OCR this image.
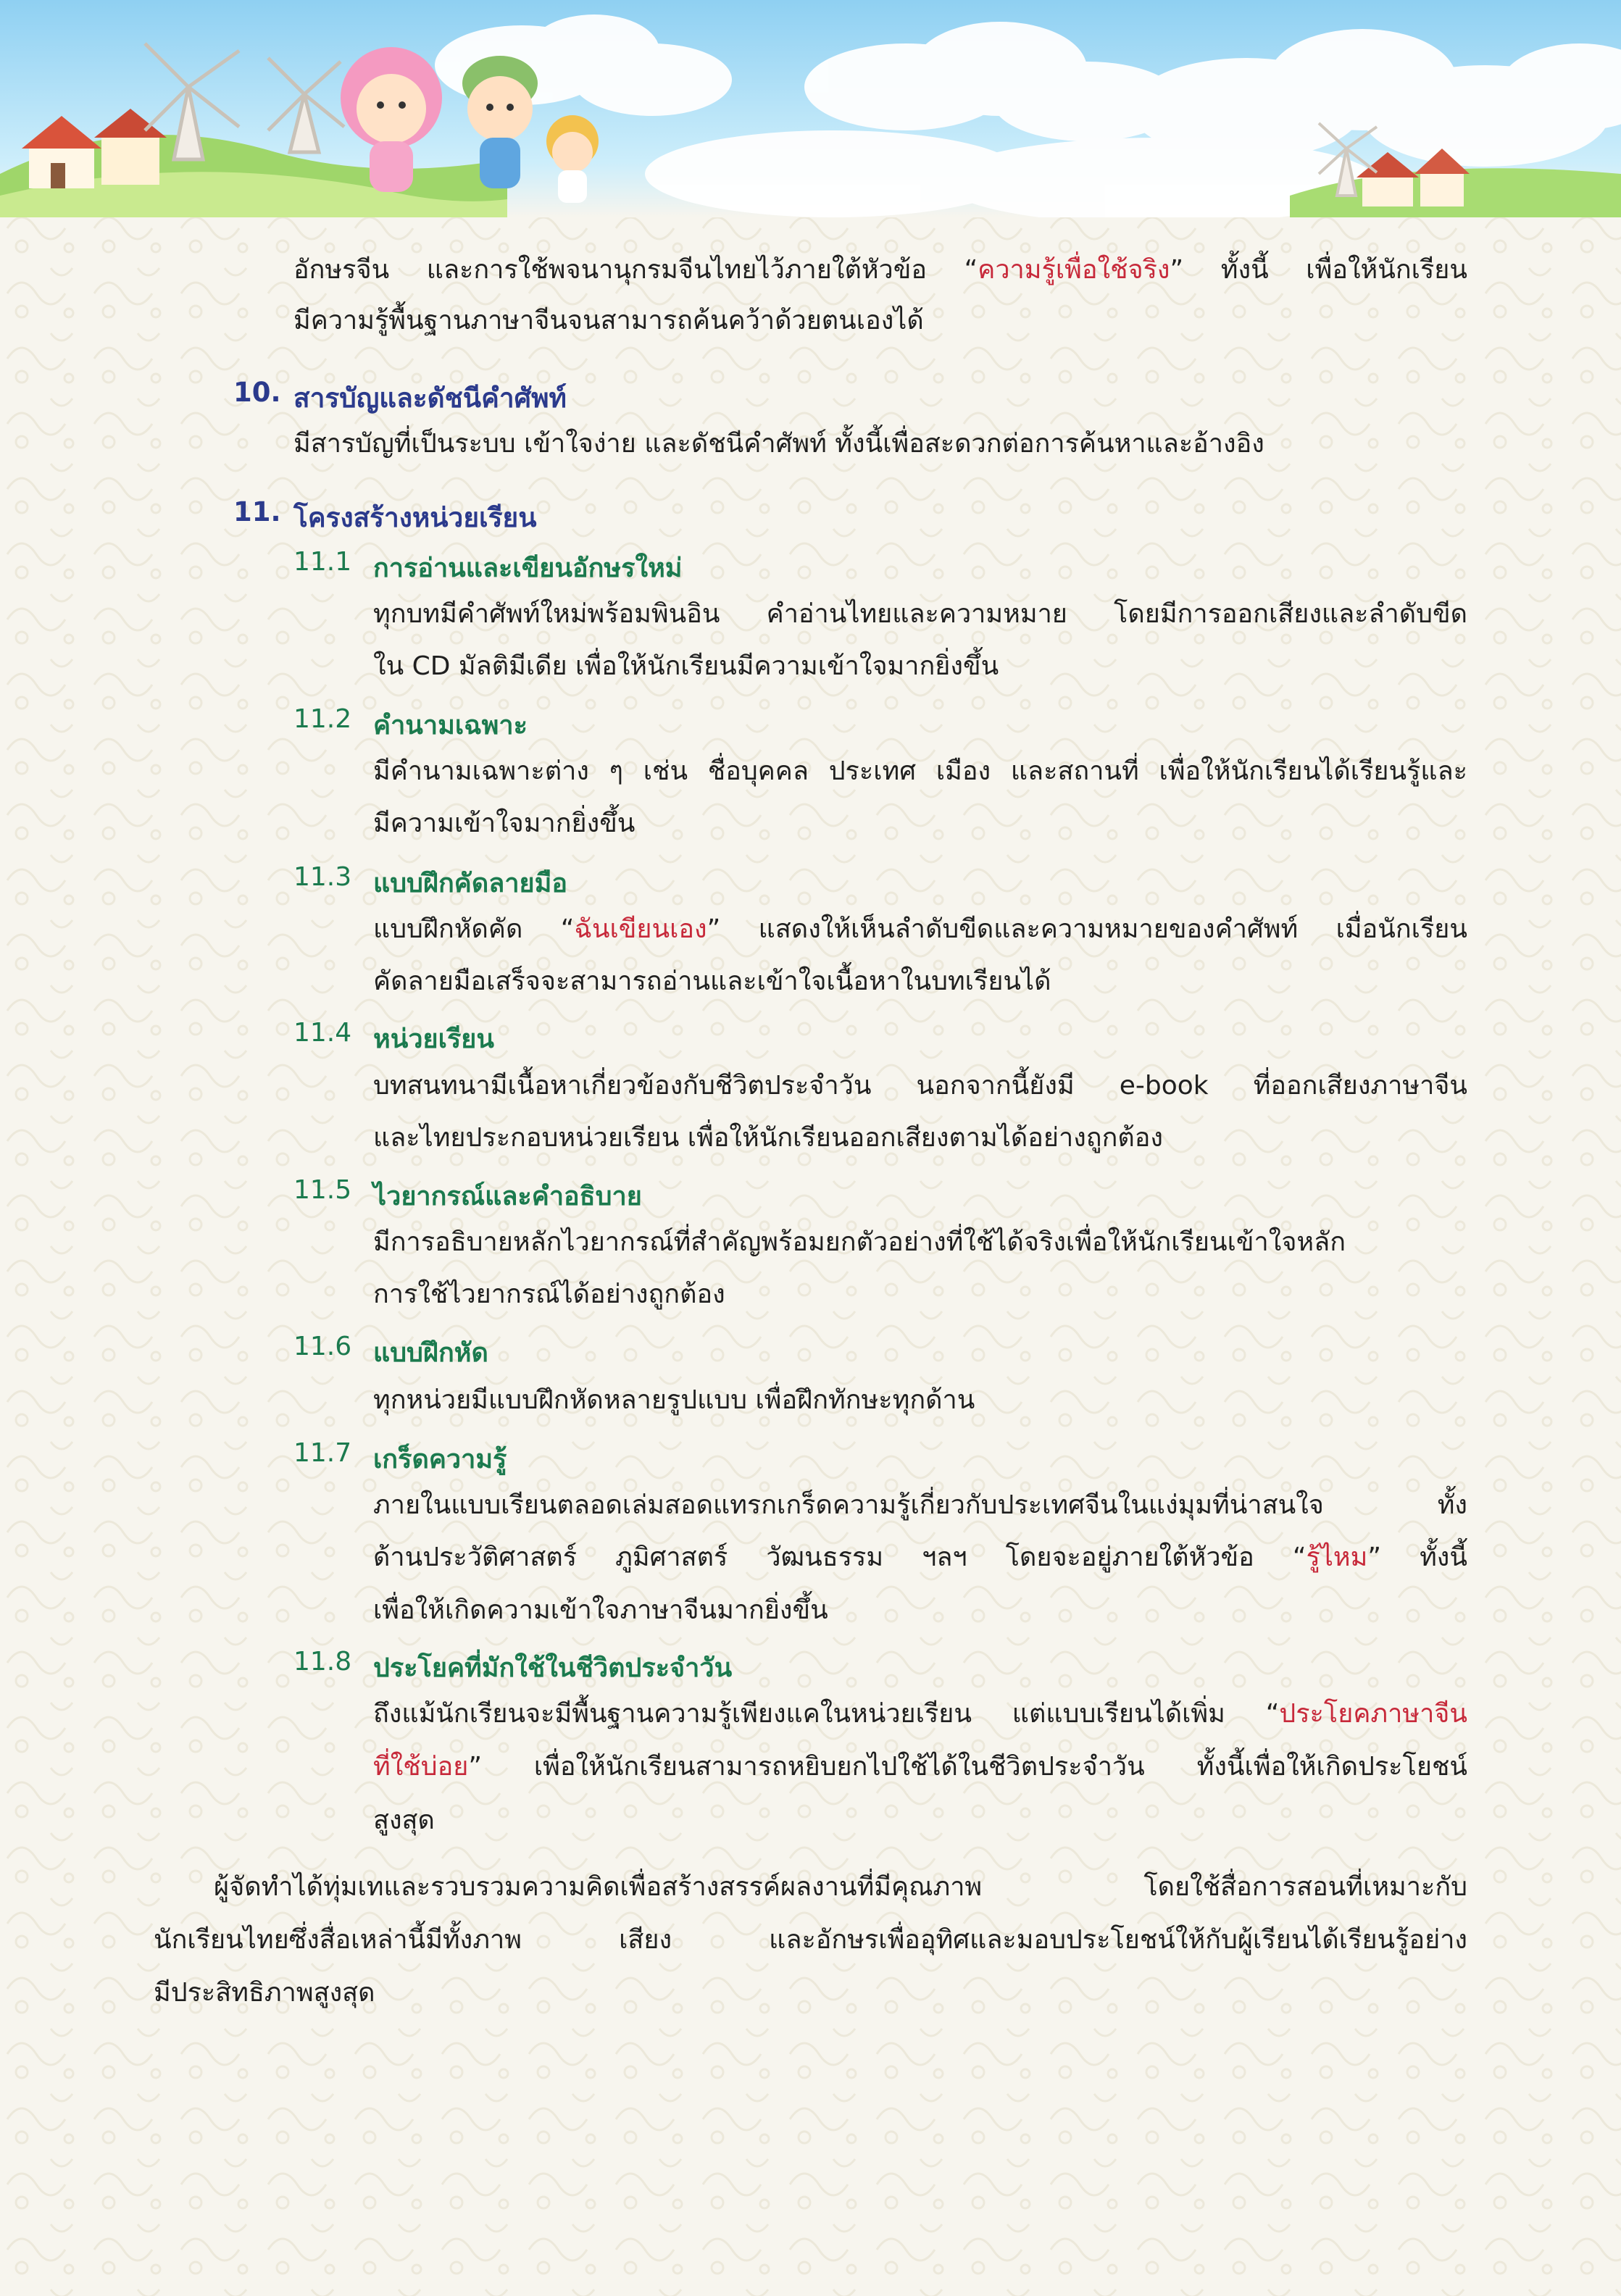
อักษรจีน และการใช้พจนานุกรมจีนไทยไว้ภายใต้หัวข้อ “ความรู้เพื่อใช้จริง” ทั้งนี้ เพื่อให้นักเรียน
มีความรู้พื้นฐานภาษาจีนจนสามารถค้นคว้าด้วยตนเองได้
10. สารบัญและดัชนีคำศัพท์
มีสารบัญที่เป็นระบบ เข้าใจง่าย และดัชนีคำศัพท์ ทั้งนี้เพื่อสะดวกต่อการค้นหาและอ้างอิง
11. โครงสร้างหน่วยเรียน
11.1 การอ่านและเขียนอักษรใหม่
ทุกบทมีคำศัพท์ใหม่พร้อมพินอิน คำอ่านไทยและความหมาย โดยมีการออกเสียงและลำดับขีด
ใน CD มัลติมีเดีย เพื่อให้นักเรียนมีความเข้าใจมากยิ่งขึ้น
11.2 คำนามเฉพาะ
มีคำนามเฉพาะต่าง ๆ เช่น ชื่อบุคคล ประเทศ เมือง และสถานที่ เพื่อให้นักเรียนได้เรียนรู้และ
มีความเข้าใจมากยิ่งขึ้น
11.3 แบบฝึกคัดลายมือ
แบบฝึกหัดคัด “ฉันเขียนเอง” แสดงให้เห็นลำดับขีดและความหมายของคำศัพท์ เมื่อนักเรียน
คัดลายมือเสร็จจะสามารถอ่านและเข้าใจเนื้อหาในบทเรียนได้
11.4 หน่วยเรียน
บทสนทนามีเนื้อหาเกี่ยวข้องกับชีวิตประจำวัน นอกจากนี้ยังมี e-book ที่ออกเสียงภาษาจีน
และไทยประกอบหน่วยเรียน เพื่อให้นักเรียนออกเสียงตามได้อย่างถูกต้อง
11.5 ไวยากรณ์และคำอธิบาย
มีการอธิบายหลักไวยากรณ์ที่สำคัญพร้อมยกตัวอย่างที่ใช้ได้จริงเพื่อให้นักเรียนเข้าใจหลัก
การใช้ไวยากรณ์ได้อย่างถูกต้อง
11.6 แบบฝึกหัด
ทุกหน่วยมีแบบฝึกหัดหลายรูปแบบ เพื่อฝึกทักษะทุกด้าน
11.7 เกร็ดความรู้
ภายในแบบเรียนตลอดเล่มสอดแทรกเกร็ดความรู้เกี่ยวกับประเทศจีนในแง่มุมที่น่าสนใจ ทั้ง
ด้านประวัติศาสตร์ ภูมิศาสตร์ วัฒนธรรม ฯลฯ โดยจะอยู่ภายใต้หัวข้อ “รู้ไหม” ทั้งนี้
เพื่อให้เกิดความเข้าใจภาษาจีนมากยิ่งขึ้น
11.8 ประโยคที่มักใช้ในชีวิตประจำวัน
ถึงแม้นักเรียนจะมีพื้นฐานความรู้เพียงแคในหน่วยเรียน แต่แบบเรียนได้เพิ่ม “ประโยคภาษาจีน
ที่ใช้บ่อย” เพื่อให้นักเรียนสามารถหยิบยกไปใช้ได้ในชีวิตประจำวัน ทั้งนี้เพื่อให้เกิดประโยชน์
สูงสุด
ผู้จัดทำได้ทุ่มเทและรวบรวมความคิดเพื่อสร้างสรรค์ผลงานที่มีคุณภาพ โดยใช้สื่อการสอนที่เหมาะกับ
นักเรียนไทยซึ่งสื่อเหล่านี้มีทั้งภาพ เสียง และอักษรเพื่ออุทิศและมอบประโยชน์ให้กับผู้เรียนได้เรียนรู้อย่าง
มีประสิทธิภาพสูงสุด
